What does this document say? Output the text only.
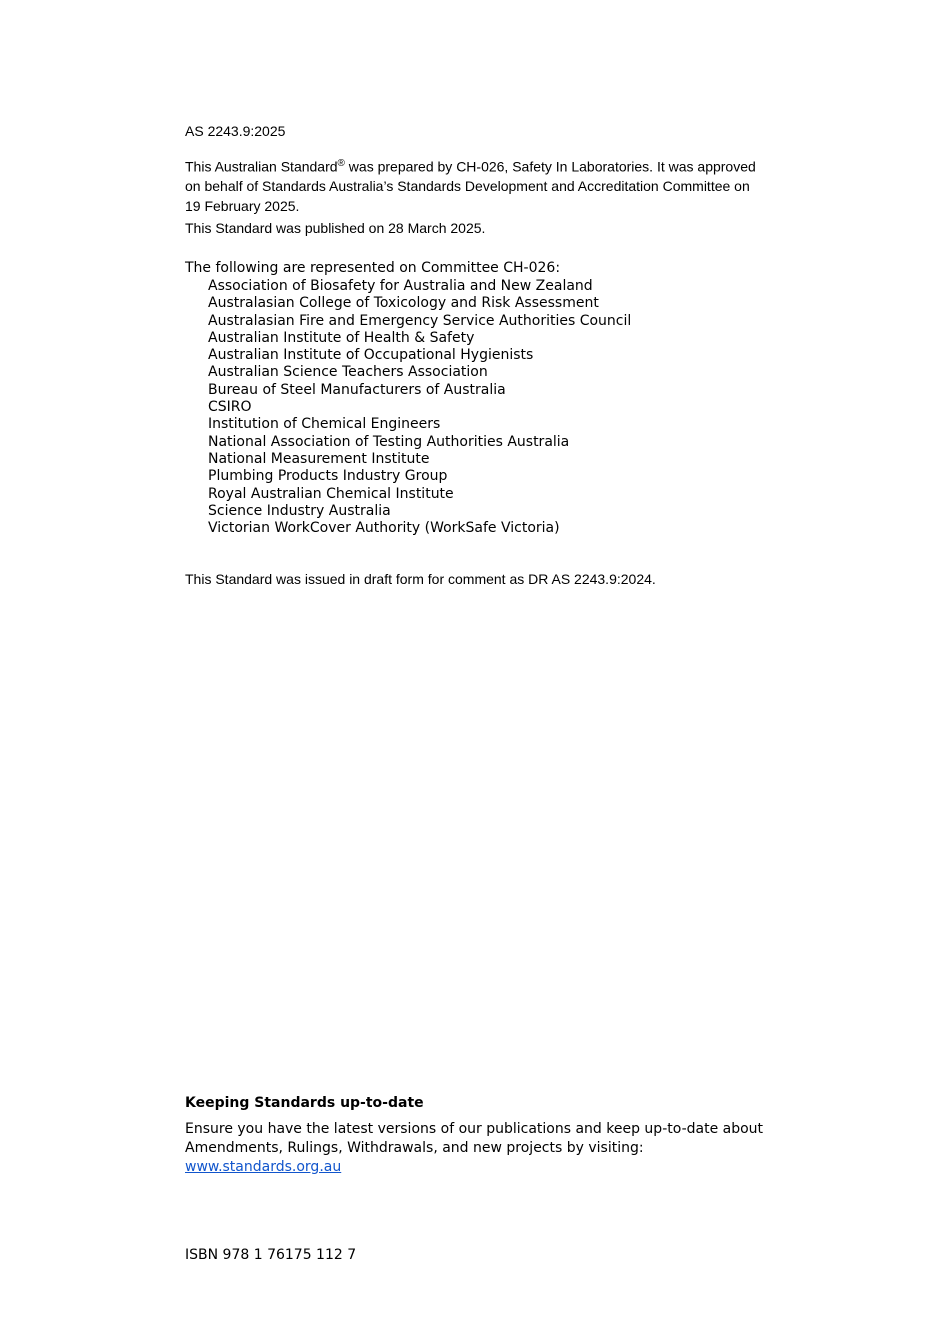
AS 2243.9:2025
This Australian Standard® was prepared by CH-026, Safety In Laboratories. It was approved on behalf of Standards Australia’s Standards Development and Accreditation Committee on 19 February 2025.
This Standard was published on 28 March 2025.
The following are represented on Committee CH-026:
Association of Biosafety for Australia and New Zealand
Australasian College of Toxicology and Risk Assessment
Australasian Fire and Emergency Service Authorities Council
Australian Institute of Health & Safety
Australian Institute of Occupational Hygienists
Australian Science Teachers Association
Bureau of Steel Manufacturers of Australia
CSIRO
Institution of Chemical Engineers
National Association of Testing Authorities Australia
National Measurement Institute
Plumbing Products Industry Group
Royal Australian Chemical Institute
Science Industry Australia
Victorian WorkCover Authority (WorkSafe Victoria)
This Standard was issued in draft form for comment as DR AS 2243.9:2024.
Keeping Standards up-to-date
Ensure you have the latest versions of our publications and keep up-to-date about Amendments, Rulings, Withdrawals, and new projects by visiting:
www.standards.org.au
ISBN 978 1 76175 112 7
